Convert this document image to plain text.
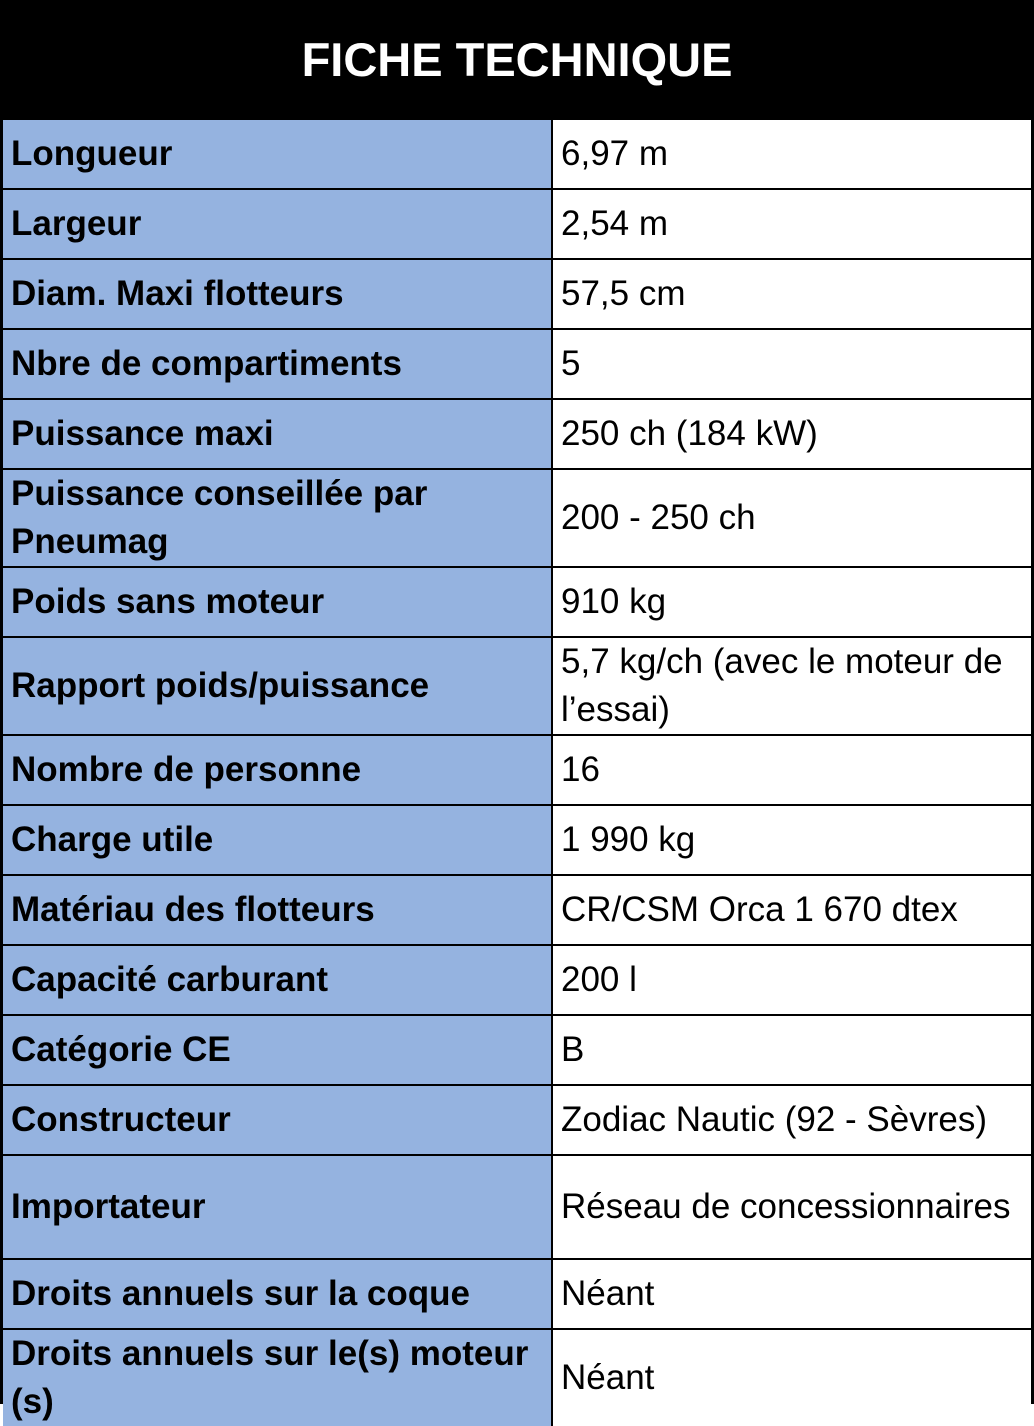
FICHE TECHNIQUE
Longueur	6,97 m
Largeur	2,54 m
Diam. Maxi flotteurs	57,5 cm
Nbre de compartiments	5
Puissance maxi	250 ch (184 kW)
Puissance conseillée par Pneumag	200 - 250 ch
Poids sans moteur	910 kg
Rapport poids/puissance	5,7 kg/ch (avec le moteur de l’essai)
Nombre de personne	16
Charge utile	1 990 kg
Matériau des flotteurs	CR/CSM Orca 1 670 dtex
Capacité carburant	200 l
Catégorie CE	B
Constructeur	Zodiac Nautic (92 - Sèvres)
Importateur	Réseau de concessionnaires
Droits annuels sur la coque	Néant
Droits annuels sur le(s) moteur (s)	Néant
